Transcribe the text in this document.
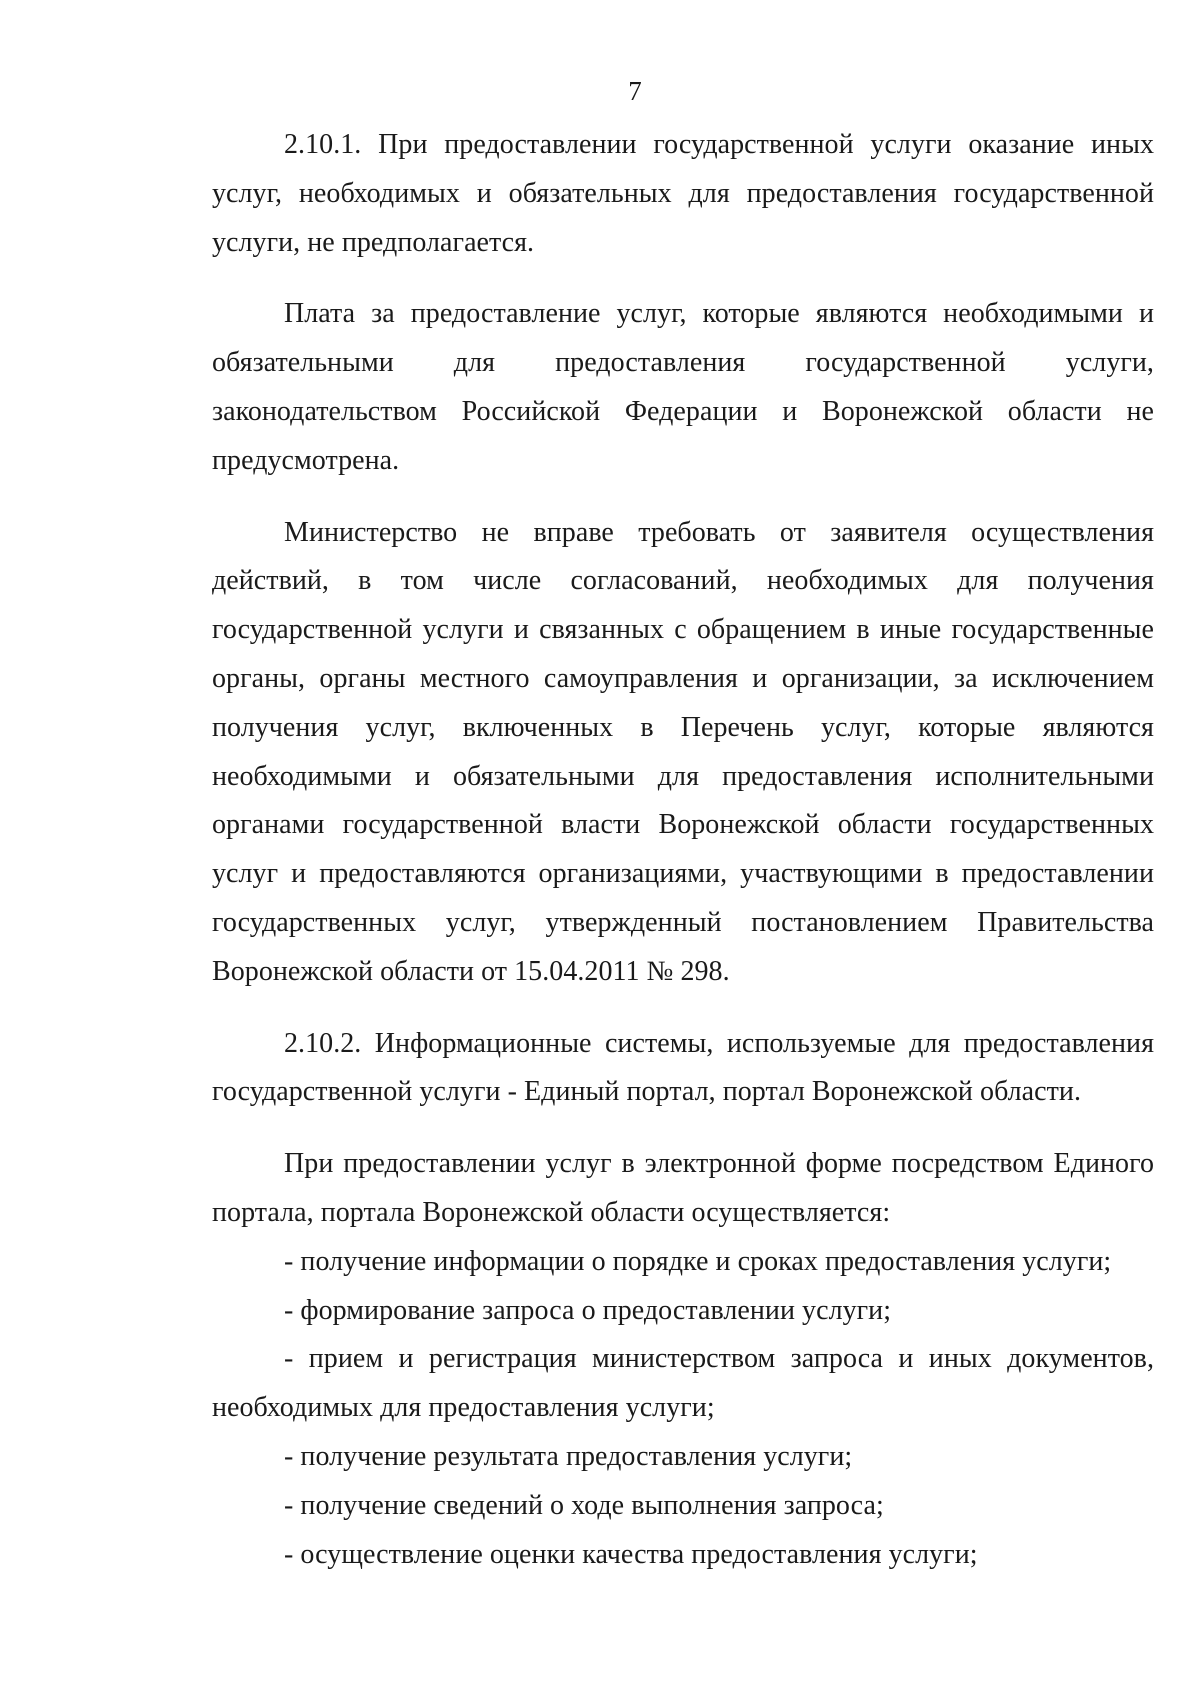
7

2.10.1. При предоставлении государственной услуги оказание иных услуг, необходимых и обязательных для предоставления государственной услуги, не предполагается.

Плата за предоставление услуг, которые являются необходимыми и обязательными для предоставления государственной услуги, законодательством Российской Федерации и Воронежской области не предусмотрена.

Министерство не вправе требовать от заявителя осуществления действий, в том числе согласований, необходимых для получения государственной услуги и связанных с обращением в иные государственные органы, органы местного самоуправления и организации, за исключением получения услуг, включенных в Перечень услуг, которые являются необходимыми и обязательными для предоставления исполнительными органами государственной власти Воронежской области государственных услуг и предоставляются организациями, участвующими в предоставлении государственных услуг, утвержденный постановлением Правительства Воронежской области от 15.04.2011 № 298.

2.10.2. Информационные системы, используемые для предоставления государственной услуги - Единый портал, портал Воронежской области.

При предоставлении услуг в электронной форме посредством Единого портала, портала Воронежской области осуществляется:

- получение информации о порядке и сроках предоставления услуги;

- формирование запроса о предоставлении услуги;

- прием и регистрация министерством запроса и иных документов, необходимых для предоставления услуги;

- получение результата предоставления услуги;

- получение сведений о ходе выполнения запроса;

- осуществление оценки качества предоставления услуги;
